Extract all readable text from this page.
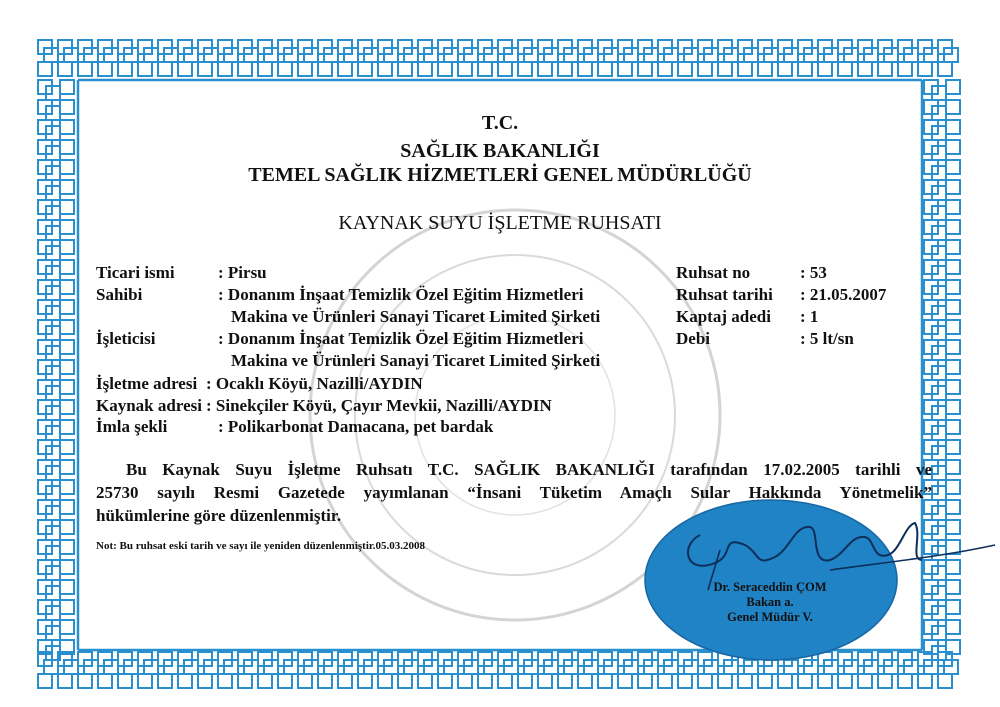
T.C.
SAĞLIK BAKANLIĞI
TEMEL SAĞLIK HİZMETLERİ GENEL MÜDÜRLÜĞÜ
KAYNAK SUYU İŞLETME RUHSATI
Ticari ismi	: Pirsu
Sahibi	: Donanım İnşaat Temizlik Özel Eğitim Hizmetleri
Makina ve Ürünleri Sanayi Ticaret Limited Şirketi
İşleticisi	: Donanım İnşaat Temizlik Özel Eğitim Hizmetleri
Makina ve Ürünleri Sanayi Ticaret Limited Şirketi
İşletme adresi : Ocaklı Köyü, Nazilli/AYDIN
Kaynak adresi : Sinekçiler Köyü, Çayır Mevkii, Nazilli/AYDIN
İmla şekli	: Polikarbonat Damacana, pet bardak
Ruhsat no	: 53
Ruhsat tarihi : 21.05.2007
Kaptaj adedi : 1
Debi	: 5 lt/sn
Bu Kaynak Suyu İşletme Ruhsatı T.C. SAĞLIK BAKANLIĞI tarafından 17.02.2005 tarihli ve
25730 sayılı Resmi Gazetede yayımlanan “İnsani Tüketim Amaçlı Sular Hakkında Yönetmelik”
hükümlerine göre düzenlenmiştir.
Not: Bu ruhsat eski tarih ve sayı ile yeniden düzenlenmiştir.05.03.2008
Dr. Seraceddin ÇOM
Bakan a.
Genel Müdür V.
